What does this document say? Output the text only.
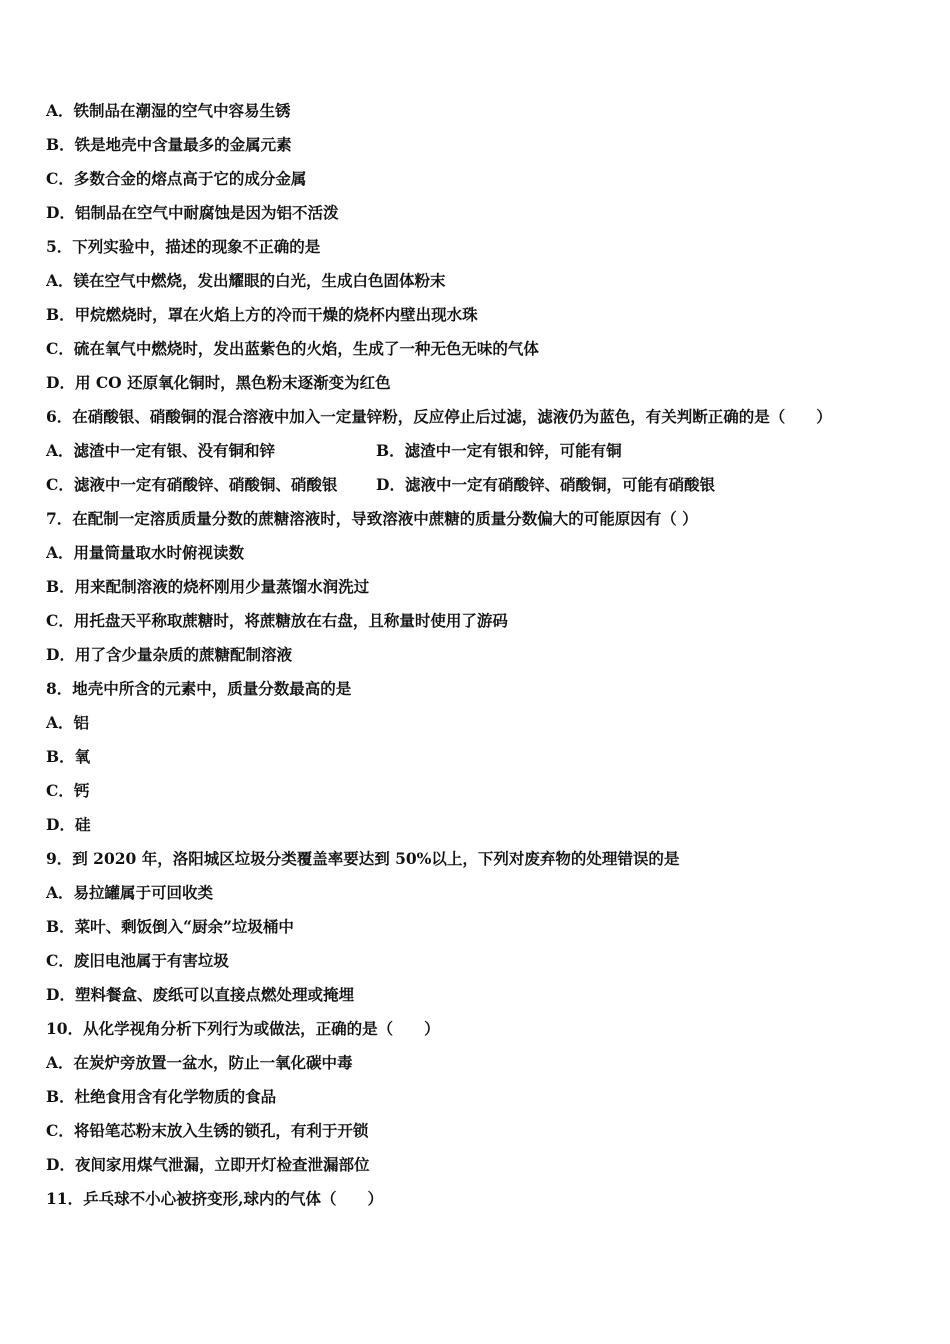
A．铁制品在潮湿的空气中容易生锈
B．铁是地壳中含量最多的金属元素
C．多数合金的熔点高于它的成分金属
D．铝制品在空气中耐腐蚀是因为铝不活泼
5．下列实验中，描述的现象不正确的是
A．镁在空气中燃烧，发出耀眼的白光，生成白色固体粉末
B．甲烷燃烧时，罩在火焰上方的冷而干燥的烧杯内壁出现水珠
C．硫在氧气中燃烧时，发出蓝紫色的火焰，生成了一种无色无味的气体
D．用 CO 还原氧化铜时，黑色粉末逐渐变为红色
6．在硝酸银、硝酸铜的混合溶液中加入一定量锌粉，反应停止后过滤，滤液仍为蓝色，有关判断正确的是（　　）
A．滤渣中一定有银、没有铜和锌	B．滤渣中一定有银和锌，可能有铜
C．滤液中一定有硝酸锌、硝酸铜、硝酸银 D．滤液中一定有硝酸锌、硝酸铜，可能有硝酸银
7．在配制一定溶质质量分数的蔗糖溶液时，导致溶液中蔗糖的质量分数偏大的可能原因有（ ）
A．用量筒量取水时俯视读数
B．用来配制溶液的烧杯刚用少量蒸馏水润洗过
C．用托盘天平称取蔗糖时，将蔗糖放在右盘，且称量时使用了游码
D．用了含少量杂质的蔗糖配制溶液
8．地壳中所含的元素中，质量分数最高的是
A．铝
B．氧
C．钙
D．硅
9．到 2020 年，洛阳城区垃圾分类覆盖率要达到 50%以上，下列对废弃物的处理错误的是
A．易拉罐属于可回收类
B．菜叶、剩饭倒入“厨余”垃圾桶中
C．废旧电池属于有害垃圾
D．塑料餐盒、废纸可以直接点燃处理或掩埋
10．从化学视角分析下列行为或做法，正确的是（　　）
A．在炭炉旁放置一盆水，防止一氧化碳中毒
B．杜绝食用含有化学物质的食品
C．将铅笔芯粉末放入生锈的锁孔，有利于开锁
D．夜间家用煤气泄漏，立即开灯检查泄漏部位
11．乒乓球不小心被挤变形,球内的气体（　　）
